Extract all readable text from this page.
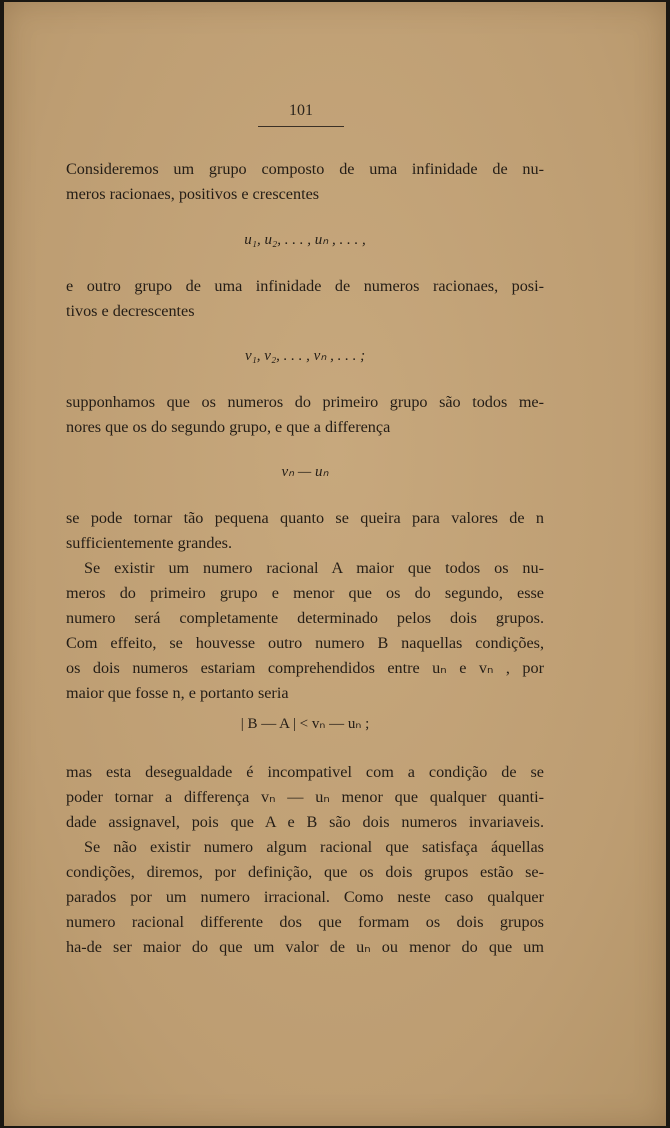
101
Consideremos um grupo composto de uma infinidade de nu-
meros racionaes, positivos e crescentes
u₁, u₂, . . . , uₙ , . . . ,
e outro grupo de uma infinidade de numeros racionaes, posi-
tivos e decrescentes
v₁, v₂, . . . , vₙ , . . . ;
supponhamos que os numeros do primeiro grupo são todos me-
nores que os do segundo grupo, e que a differença
vₙ — uₙ
se pode tornar tão pequena quanto se queira para valores de n
sufficientemente grandes.
Se existir um numero racional A maior que todos os nu-
meros do primeiro grupo e menor que os do segundo, esse
numero será completamente determinado pelos dois grupos.
Com effeito, se houvesse outro numero B naquellas condições,
os dois numeros estariam comprehendidos entre uₙ e vₙ , por
maior que fosse n, e portanto seria
| B — A | < vₙ — uₙ ;
mas esta desegualdade é incompativel com a condição de se
poder tornar a differença vₙ — uₙ menor que qualquer quanti-
dade assignavel, pois que A e B são dois numeros invariaveis.
Se não existir numero algum racional que satisfaça áquellas
condições, diremos, por definição, que os dois grupos estão se-
parados por um numero irracional. Como neste caso qualquer
numero racional differente dos que formam os dois grupos
ha-de ser maior do que um valor de uₙ ou menor do que um
